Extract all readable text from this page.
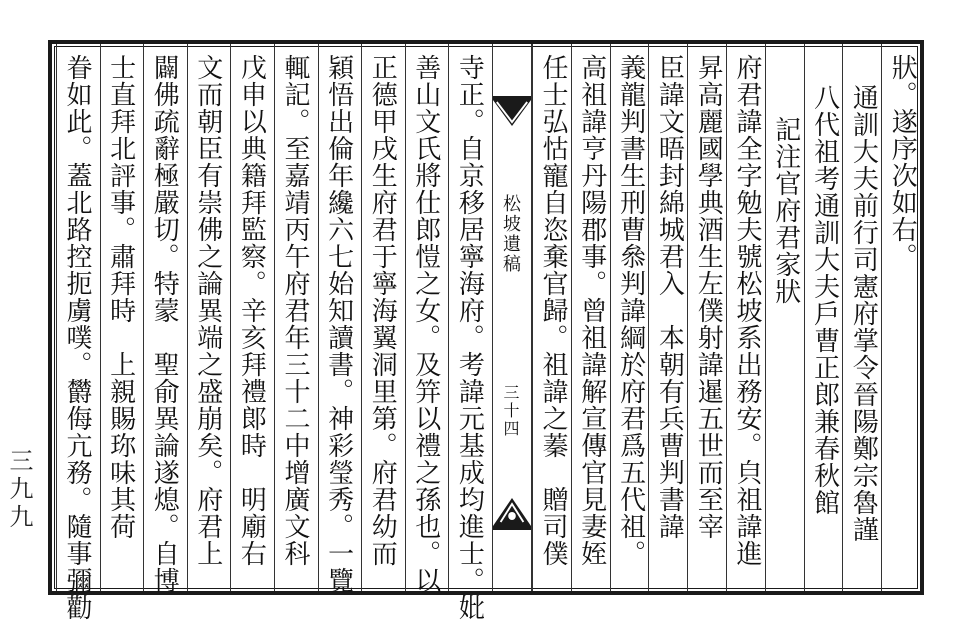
三九九
狀。遂序次如右。
通訓大夫前行司憲府掌令晉陽鄭宗魯謹
八代祖考通訓大夫戶曹正郎兼春秋館
記注官府君家狀
府君諱全字勉夫號松坡系出務安。㒵祖諱進
昇高麗國學典酒生左僕射諱暹五世而至宰
臣諱文晤封綿城君入　本朝有兵曹判書諱
義龍判書生刑曹叅判諱綱於府君爲五代祖。
高祖諱亨丹陽郡事。曾祖諱解宣傳官見妻姪
任士弘怙寵自恣棄官歸。祖諱之蓁　贈司僕
松坡遺稿
三十四
寺正。自京移居寧海府。考諱元基成均進士。妣
善山文氏將仕郎愷之女。及笄以禮之孫也。以
正德甲戌生府君于寧海翼洞里第。府君幼而
穎悟出倫年纔六七始知讀書。神彩瑩秀。一覽
輒記。至嘉靖丙午府君年三十二中增廣文科
戊申以典籍拜監察。辛亥拜禮郞時　明廟右
文而朝臣有崇佛之論異端之盛崩矣。府君上
闢佛疏辭極嚴切。特蒙　聖俞異論遂熄。自博
士直拜北評事。肅拜時　上親賜珎味其荷
眷如此。蓋北路控扼虜噗。欝侮亢務。隨事彌勸
